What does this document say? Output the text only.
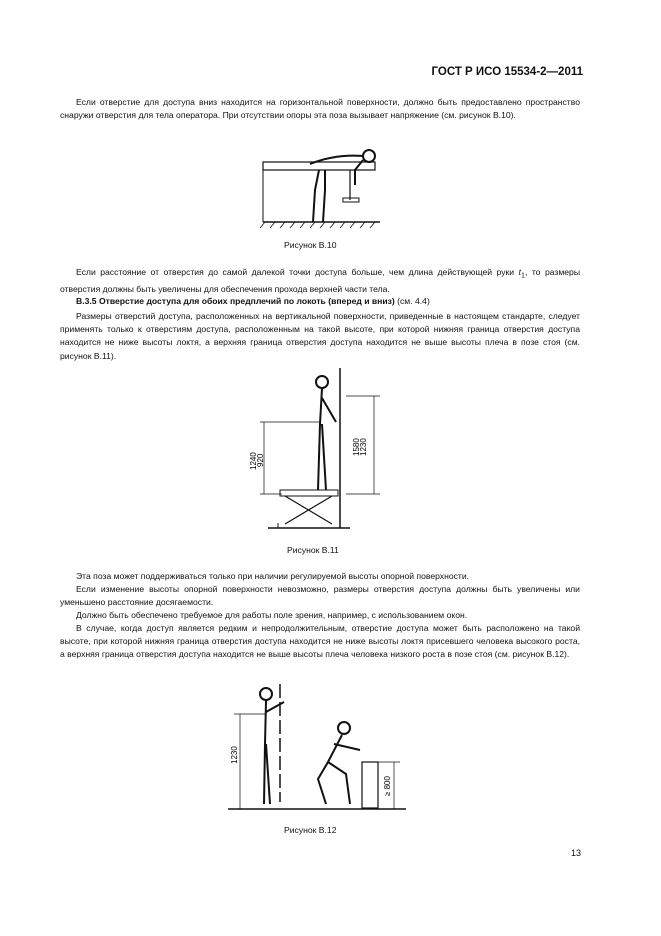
ГОСТ Р ИСО 15534-2—2011
Если отверстие для доступа вниз находится на горизонтальной поверхности, должно быть предоставлено пространство снаружи отверстия для тела оператора. При отсутствии опоры эта поза вызывает напряжение (см. рисунок В.10).
Рисунок В.10
Если расстояние от отверстия до самой далекой точки доступа больше, чем длина действующей руки $t_1$, то размеры отверстия должны быть увеличены для обеспечения прохода верхней части тела.
В.3.5 Отверстие доступа для обоих предплечий по локоть (вперед и вниз) (см. 4.4)
Размеры отверстий доступа, расположенных на вертикальной поверхности, приведенные в настоящем стандарте, следует применять только к отверстиям доступа, расположенным на такой высоте, при которой нижняя граница отверстия доступа находится не ниже высоты локтя, а верхняя граница отверстия доступа находится не выше высоты плеча в позе стоя (см. рисунок В.11).
1240
920
1580
1230
Рисунок В.11
Эта поза может поддерживаться только при наличии регулируемой высоты опорной поверхности.
Если изменение высоты опорной поверхности невозможно, размеры отверстия доступа должны быть увеличены или уменьшено расстояние досягаемости.
Должно быть обеспечено требуемое для работы поле зрения, например, с использованием окон.
В случае, когда доступ является редким и непродолжительным, отверстие доступа может быть расположено на такой высоте, при которой нижняя граница отверстия доступа находится не ниже высоты локтя присевшего человека высокого роста, а верхняя граница отверстия доступа находится не выше высоты плеча человека низкого роста в позе стоя (см. рисунок В.12).
1230
≥ 800
Рисунок В.12
13
